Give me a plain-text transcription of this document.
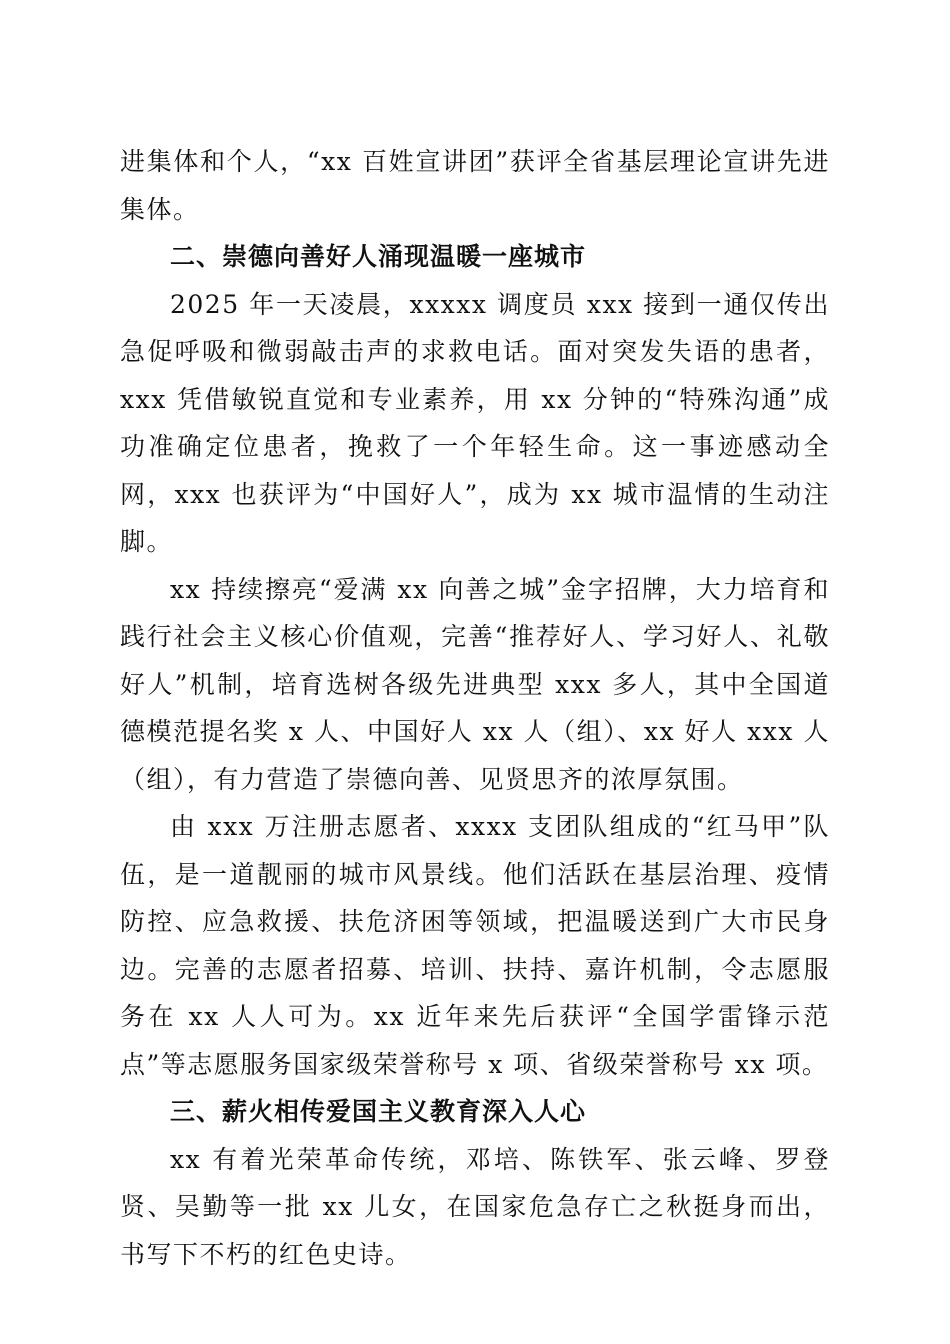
进集体和个人，“xx 百姓宣讲团”获评全省基层理论宣讲先进集体。

二、崇德向善好人涌现温暖一座城市

2025 年一天凌晨，xxxxx 调度员 xxx 接到一通仅传出急促呼吸和微弱敲击声的求救电话。面对突发失语的患者，xxx 凭借敏锐直觉和专业素养，用 xx 分钟的“特殊沟通”成功准确定位患者，挽救了一个年轻生命。这一事迹感动全网，xxx 也获评为“中国好人”，成为 xx 城市温情的生动注脚。

xx 持续擦亮“爱满 xx 向善之城”金字招牌，大力培育和践行社会主义核心价值观，完善“推荐好人、学习好人、礼敬好人”机制，培育选树各级先进典型 xxx 多人，其中全国道德模范提名奖 x 人、中国好人 xx 人（组）、xx 好人 xxx 人（组），有力营造了崇德向善、见贤思齐的浓厚氛围。

由 xxx 万注册志愿者、xxxx 支团队组成的“红马甲”队伍，是一道靓丽的城市风景线。他们活跃在基层治理、疫情防控、应急救援、扶危济困等领域，把温暖送到广大市民身边。完善的志愿者招募、培训、扶持、嘉许机制，令志愿服务在 xx 人人可为。xx 近年来先后获评“全国学雷锋示范点”等志愿服务国家级荣誉称号 x 项、省级荣誉称号 xx 项。

三、薪火相传爱国主义教育深入人心

xx 有着光荣革命传统，邓培、陈铁军、张云峰、罗登贤、吴勤等一批 xx 儿女，在国家危急存亡之秋挺身而出，书写下不朽的红色史诗。
